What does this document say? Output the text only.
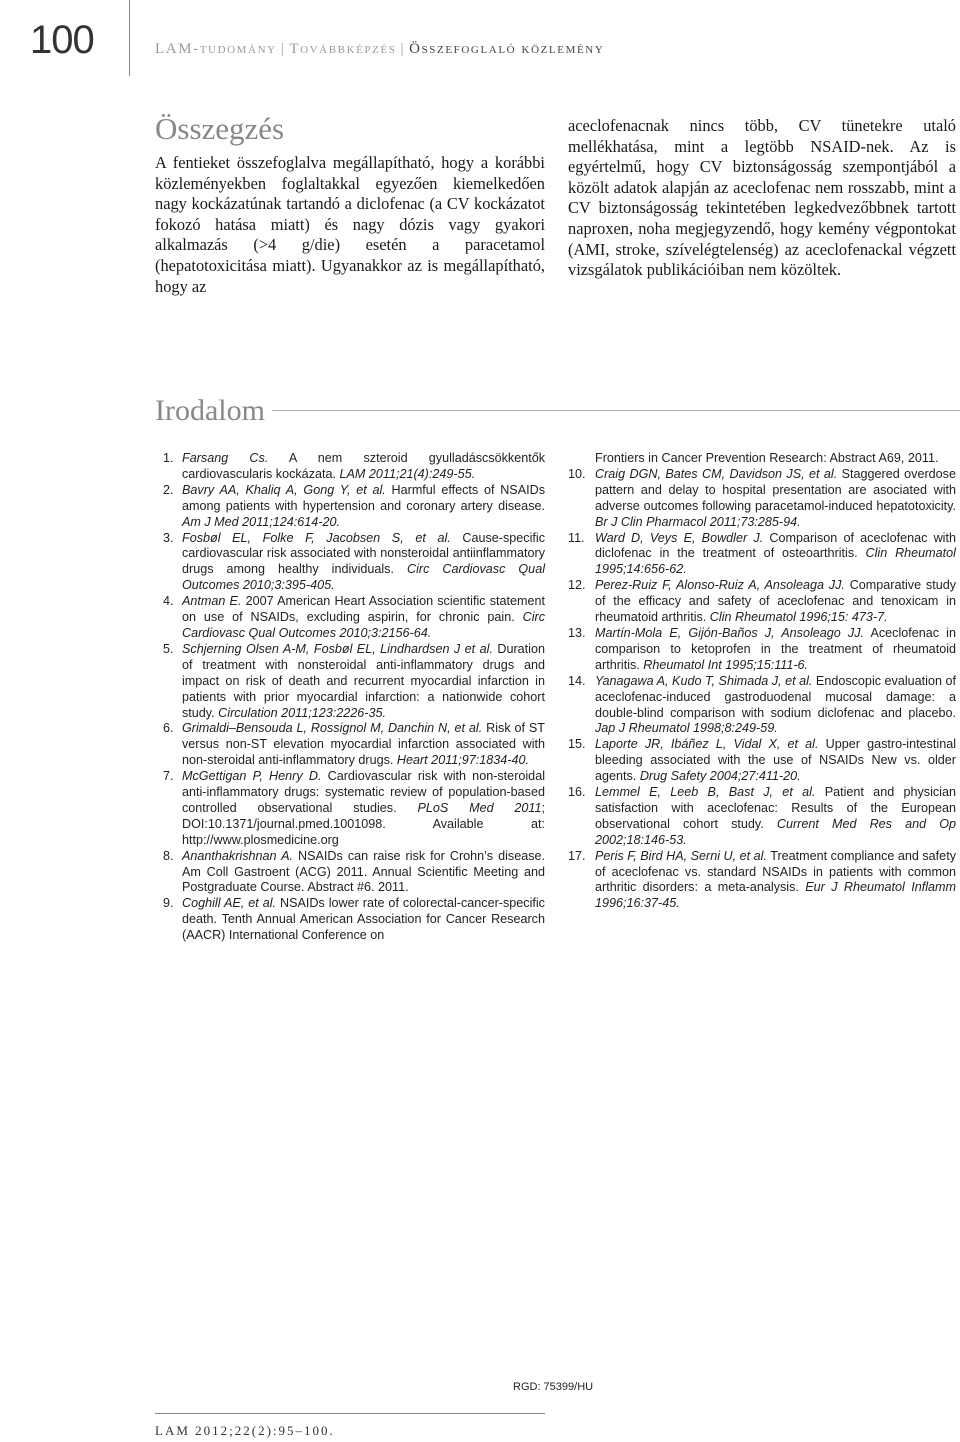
100	LAM-tudomány | Továbbképzés | Összefoglaló közlemény
Összegzés

A fentieket összefoglalva megállapítható, hogy a korábbi közleményekben foglaltakkal egyezően kiemelkedően nagy kockázatúnak tartandó a diclofenac (a CV kockázatot fokozó hatása miatt) és nagy dózis vagy gyakori alkalmazás (>4 g/die) esetén a paracetamol (hepatotoxicitása miatt). Ugyanakkor az is megállapítható, hogy az

aceclofenacnak nincs több, CV tünetekre utaló mellékhatása, mint a legtöbb NSAID-nek. Az is egyértelmű, hogy CV biztonságosság szempontjából a közölt adatok alapján az aceclofenac nem rosszabb, mint a CV biztonságosság tekintetében legkedvezőbbnek tartott naproxen, noha megjegyzendő, hogy kemény végpontokat (AMI, stroke, szívelégtelenség) az aceclofenackal végzett vizsgálatok publikációiban nem közöltek.

Irodalom
1. Farsang Cs. A nem szteroid gyulladáscsökkentők cardiovascularis kockázata. LAM 2011;21(4):249-55.
2. Bavry AA, Khaliq A, Gong Y, et al. Harmful effects of NSAIDs among patients with hypertension and coronary artery disease. Am J Med 2011;124:614-20.
3. Fosbøl EL, Folke F, Jacobsen S, et al. Cause-specific cardiovascular risk associated with nonsteroidal antiinflammatory drugs among healthy individuals. Circ Cardiovasc Qual Outcomes 2010;3:395-405.
4. Antman E. 2007 American Heart Association scientific statement on use of NSAIDs, excluding aspirin, for chronic pain. Circ Cardiovasc Qual Outcomes 2010;3:2156-64.
5. Schjerning Olsen A-M, Fosbøl EL, Lindhardsen J et al. Duration of treatment with nonsteroidal anti-inflammatory drugs and impact on risk of death and recurrent myocardial infarction in patients with prior myocardial infarction: a nationwide cohort study. Circulation 2011;123:2226-35.
6. Grimaldi–Bensouda L, Rossignol M, Danchin N, et al. Risk of ST versus non-ST elevation myocardial infarction associated with non-steroidal anti-inflammatory drugs. Heart 2011;97:1834-40.
7. McGettigan P, Henry D. Cardiovascular risk with non-steroidal anti-inflammatory drugs: systematic review of population-based controlled observational studies. PLoS Med 2011; DOI:10.1371/journal.pmed.1001098. Available at: http://www.plosmedicine.org
8. Ananthakrishnan A. NSAIDs can raise risk for Crohn’s disease. Am Coll Gastroent (ACG) 2011. Annual Scientific Meeting and Postgraduate Course. Abstract #6. 2011.
9. Coghill AE, et al. NSAIDs lower rate of colorectal-cancer-specific death. Tenth Annual American Association for Cancer Research (AACR) International Conference on
Frontiers in Cancer Prevention Research: Abstract A69, 2011.
10. Craig DGN, Bates CM, Davidson JS, et al. Staggered overdose pattern and delay to hospital presentation are asociated with adverse outcomes following paracetamol-induced hepatotoxicity. Br J Clin Pharmacol 2011;73:285-94.
11. Ward D, Veys E, Bowdler J. Comparison of aceclofenac with diclofenac in the treatment of osteoarthritis. Clin Rheumatol 1995;14:656-62.
12. Perez-Ruiz F, Alonso-Ruiz A, Ansoleaga JJ. Comparative study of the efficacy and safety of aceclofenac and tenoxicam in rheumatoid arthritis. Clin Rheumatol 1996;15: 473-7.
13. Martín-Mola E, Gijón-Baños J, Ansoleago JJ. Aceclofenac in comparison to ketoprofen in the treatment of rheumatoid arthritis. Rheumatol Int 1995;15:111-6.
14. Yanagawa A, Kudo T, Shimada J, et al. Endoscopic evaluation of aceclofenac-induced gastroduodenal mucosal damage: a double-blind comparison with sodium diclofenac and placebo. Jap J Rheumatol 1998;8:249-59.
15. Laporte JR, Ibáñez L, Vidal X, et al. Upper gastro-intestinal bleeding associated with the use of NSAIDs New vs. older agents. Drug Safety 2004;27:411-20.
16. Lemmel E, Leeb B, Bast J, et al. Patient and physician satisfaction with aceclofenac: Results of the European observational cohort study. Current Med Res and Op 2002;18:146-53.
17. Peris F, Bird HA, Serni U, et al. Treatment compliance and safety of aceclofenac vs. standard NSAIDs in patients with common arthritic disorders: a meta-analysis. Eur J Rheumatol Inflamm 1996;16:37-45.
RGD: 75399/HU
LAM 2012;22(2):95–100.
